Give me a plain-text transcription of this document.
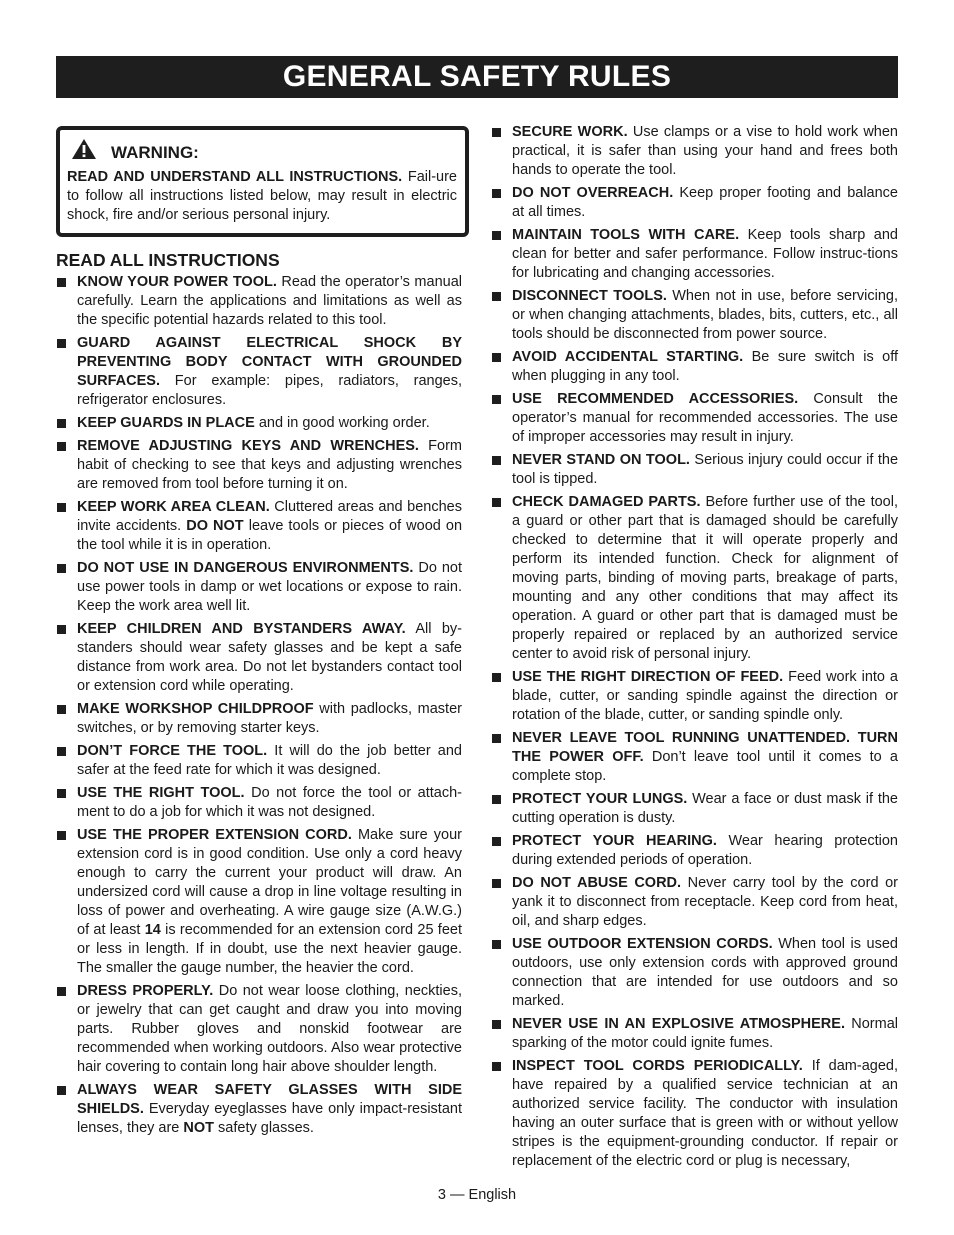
GENERAL SAFETY RULES
WARNING:
READ AND UNDERSTAND ALL INSTRUCTIONS. Fail-ure to follow all instructions listed below, may result in electric shock, fire and/or serious personal injury.
READ ALL INSTRUCTIONS
KNOW YOUR POWER TOOL. Read the operator’s manual carefully. Learn the applications and limitations as well as the specific potential hazards related to this tool.
GUARD AGAINST ELECTRICAL SHOCK BY PREVENTING BODY CONTACT WITH GROUNDED SURFACES. For example: pipes, radiators, ranges, refrigerator enclosures.
KEEP GUARDS IN PLACE and in good working order.
REMOVE ADJUSTING KEYS AND WRENCHES. Form habit of checking to see that keys and adjusting wrenches are removed from tool before turning it on.
KEEP WORK AREA CLEAN. Cluttered areas and benches invite accidents. DO NOT leave tools or pieces of wood on the tool while it is in operation.
DO NOT USE IN DANGEROUS ENVIRONMENTS. Do not use power tools in damp or wet locations or expose to rain. Keep the work area well lit.
KEEP CHILDREN AND BYSTANDERS AWAY. All by-standers should wear safety glasses and be kept a safe distance from work area. Do not let bystanders contact tool or extension cord while operating.
MAKE WORKSHOP CHILDPROOF with padlocks, master switches, or by removing starter keys.
DON’T FORCE THE TOOL. It will do the job better and safer at the feed rate for which it was designed.
USE THE RIGHT TOOL. Do not force the tool or attach-ment to do a job for which it was not designed.
USE THE PROPER EXTENSION CORD. Make sure your extension cord is in good condition. Use only a cord heavy enough to carry the current your product will draw. An undersized cord will cause a drop in line voltage resulting in loss of power and overheating. A wire gauge size (A.W.G.) of at least 14 is recommended for an extension cord 25 feet or less in length. If in doubt, use the next heavier gauge. The smaller the gauge number, the heavier the cord.
DRESS PROPERLY. Do not wear loose clothing, neckties, or jewelry that can get caught and draw you into moving parts. Rubber gloves and nonskid footwear are recommended when working outdoors. Also wear protective hair covering to contain long hair above shoulder length.
ALWAYS WEAR SAFETY GLASSES WITH SIDE SHIELDS. Everyday eyeglasses have only impact-resistant lenses, they are NOT safety glasses.
SECURE WORK. Use clamps or a vise to hold work when practical, it is safer than using your hand and frees both hands to operate the tool.
DO NOT OVERREACH. Keep proper footing and balance at all times.
MAINTAIN TOOLS WITH CARE. Keep tools sharp and clean for better and safer performance. Follow instruc-tions for lubricating and changing accessories.
DISCONNECT TOOLS. When not in use, before servicing, or when changing attachments, blades, bits, cutters, etc., all tools should be disconnected from power source.
AVOID ACCIDENTAL STARTING. Be sure switch is off when plugging in any tool.
USE RECOMMENDED ACCESSORIES. Consult the operator’s manual for recommended accessories. The use of improper accessories may result in injury.
NEVER STAND ON TOOL. Serious injury could occur if the tool is tipped.
CHECK DAMAGED PARTS. Before further use of the tool, a guard or other part that is damaged should be carefully checked to determine that it will operate properly and perform its intended function. Check for alignment of moving parts, binding of moving parts, breakage of parts, mounting and any other conditions that may affect its operation. A guard or other part that is damaged must be properly repaired or replaced by an authorized service center to avoid risk of personal injury.
USE THE RIGHT DIRECTION OF FEED. Feed work into a blade, cutter, or sanding spindle against the direction or rotation of the blade, cutter, or sanding spindle only.
NEVER LEAVE TOOL RUNNING UNATTENDED. TURN THE POWER OFF. Don’t leave tool until it comes to a complete stop.
PROTECT YOUR LUNGS. Wear a face or dust mask if the cutting operation is dusty.
PROTECT YOUR HEARING. Wear hearing protection during extended periods of operation.
DO NOT ABUSE CORD. Never carry tool by the cord or yank it to disconnect from receptacle. Keep cord from heat, oil, and sharp edges.
USE OUTDOOR EXTENSION CORDS. When tool is used outdoors, use only extension cords with approved ground connection that are intended for use outdoors and so marked.
NEVER USE IN AN EXPLOSIVE ATMOSPHERE. Normal sparking of the motor could ignite fumes.
INSPECT TOOL CORDS PERIODICALLY. If dam-aged, have repaired by a qualified service technician at an authorized service facility. The conductor with insulation having an outer surface that is green with or without yellow stripes is the equipment-grounding conductor. If repair or replacement of the electric cord or plug is necessary,
3 — English
